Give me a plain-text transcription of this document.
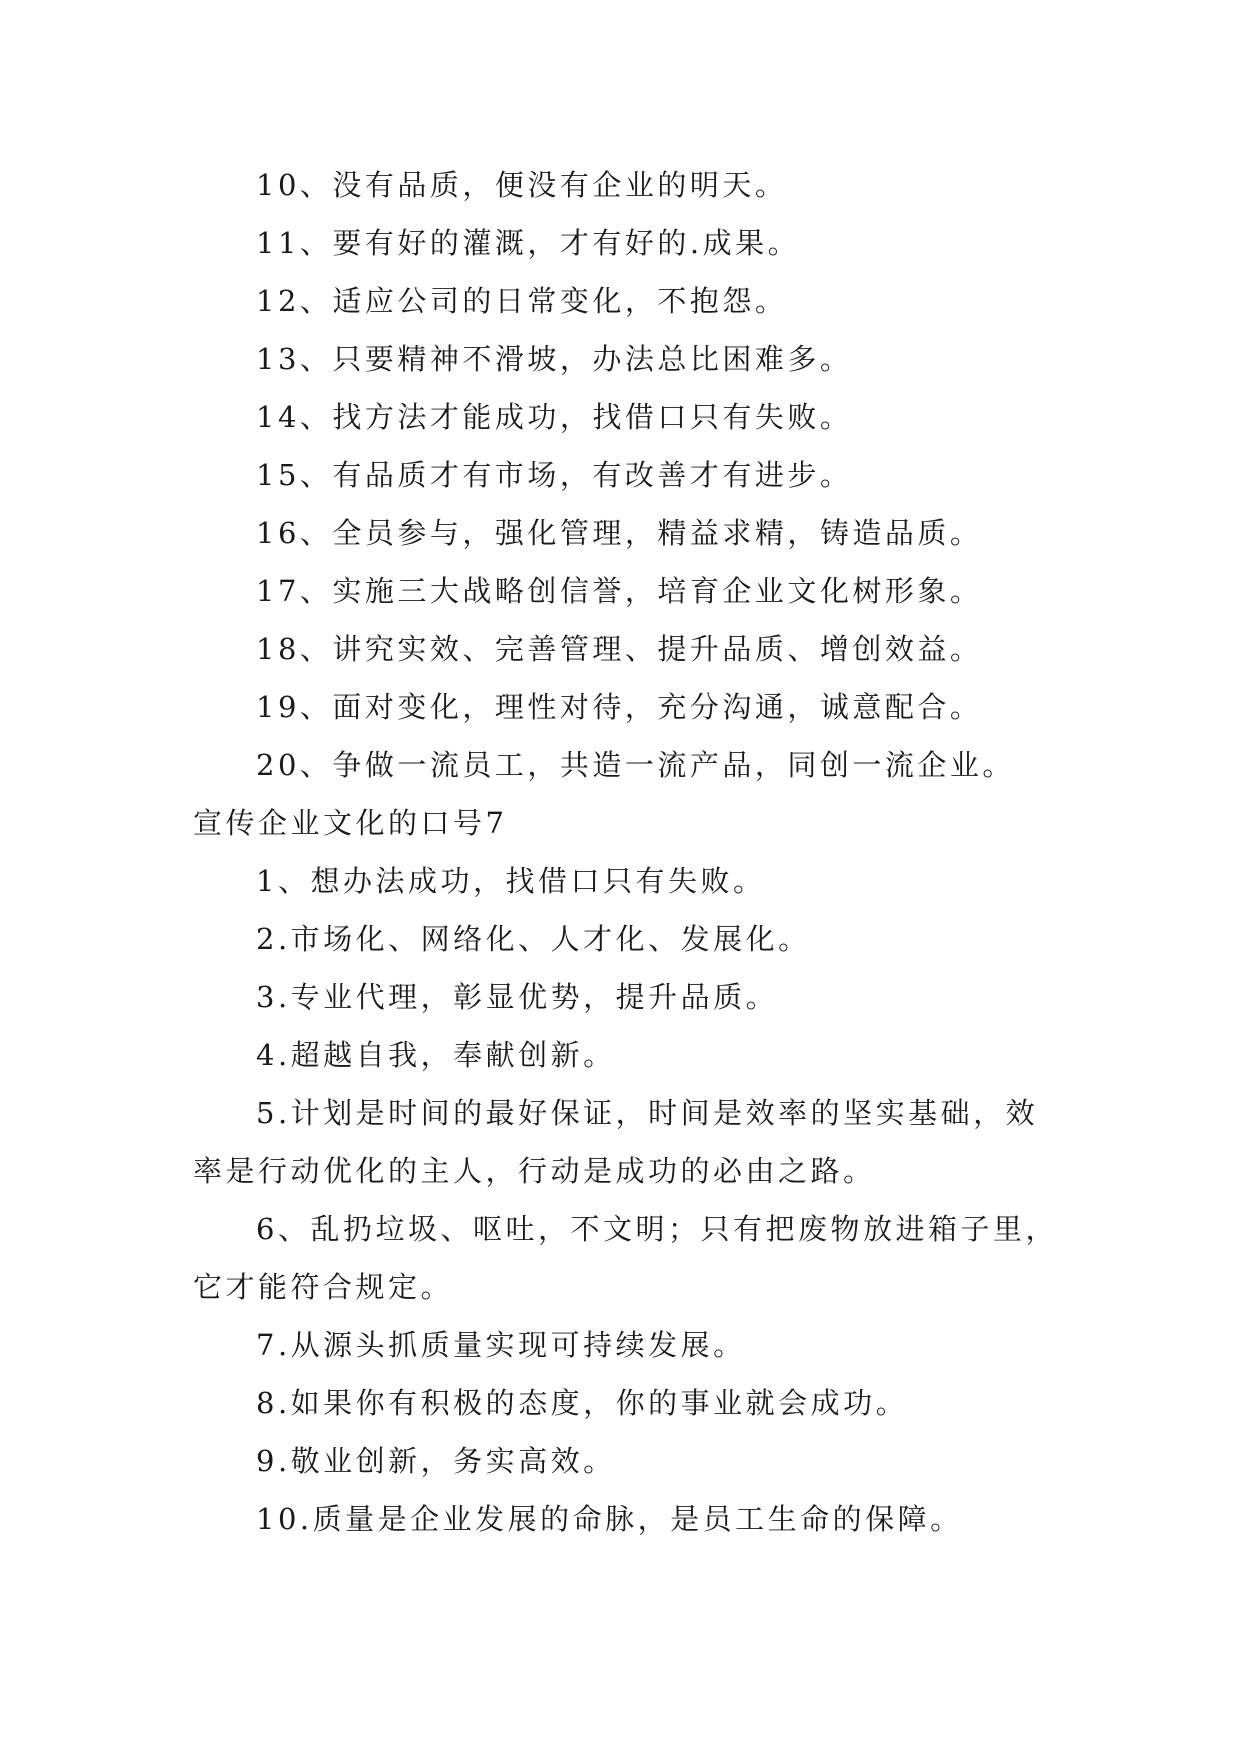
10、没有品质，便没有企业的明天。
11、要有好的灌溉，才有好的.成果。
12、适应公司的日常变化，不抱怨。
13、只要精神不滑坡，办法总比困难多。
14、找方法才能成功，找借口只有失败。
15、有品质才有市场，有改善才有进步。
16、全员参与，强化管理，精益求精，铸造品质。
17、实施三大战略创信誉，培育企业文化树形象。
18、讲究实效、完善管理、提升品质、增创效益。
19、面对变化，理性对待，充分沟通，诚意配合。
20、争做一流员工，共造一流产品，同创一流企业。
宣传企业文化的口号7
1、想办法成功，找借口只有失败。
2.市场化、网络化、人才化、发展化。
3.专业代理，彰显优势，提升品质。
4.超越自我，奉献创新。
5.计划是时间的最好保证，时间是效率的坚实基础，效
率是行动优化的主人，行动是成功的必由之路。
6、乱扔垃圾、呕吐，不文明；只有把废物放进箱子里，
它才能符合规定。
7.从源头抓质量实现可持续发展。
8.如果你有积极的态度，你的事业就会成功。
9.敬业创新，务实高效。
10.质量是企业发展的命脉，是员工生命的保障。
